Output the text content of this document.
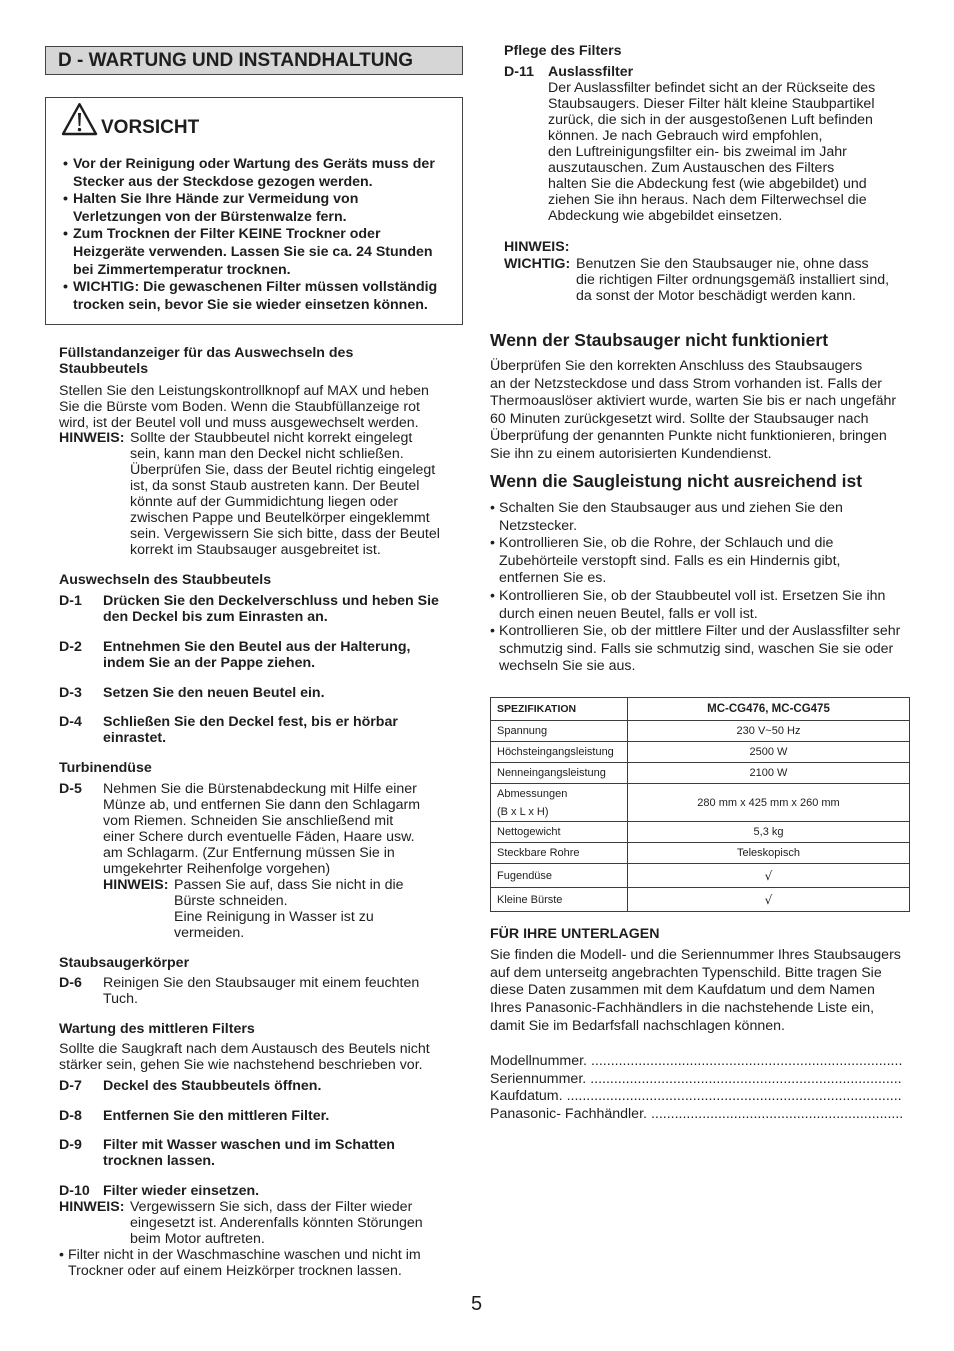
D - WARTUNG UND INSTANDHALTUNG
VORSICHT
• Vor der Reinigung oder Wartung des Geräts muss der
Stecker aus der Steckdose gezogen werden.
• Halten Sie Ihre Hände zur Vermeidung von
Verletzungen von der Bürstenwalze fern.
• Zum Trocknen der Filter KEINE Trockner oder
Heizgeräte verwenden. Lassen Sie sie ca. 24 Stunden
bei Zimmertemperatur trocknen.
• WICHTIG: Die gewaschenen Filter müssen vollständig
trocken sein, bevor Sie sie wieder einsetzen können.
Füllstandanzeiger für das Auswechseln des
Staubbeutels
Stellen Sie den Leistungskontrollknopf auf MAX und heben
Sie die Bürste vom Boden. Wenn die Staubfüllanzeige rot
wird, ist der Beutel voll und muss ausgewechselt werden.
HINWEIS: Sollte der Staubbeutel nicht korrekt eingelegt
sein, kann man den Deckel nicht schließen.
Überprüfen Sie, dass der Beutel richtig eingelegt
ist, da sonst Staub austreten kann. Der Beutel
könnte auf der Gummidichtung liegen oder
zwischen Pappe und Beutelkörper eingeklemmt
sein. Vergewissern Sie sich bitte, dass der Beutel
korrekt im Staubsauger ausgebreitet ist.
Auswechseln des Staubbeutels
D-1	Drücken Sie den Deckelverschluss und heben Sie
den Deckel bis zum Einrasten an.
D-2	Entnehmen Sie den Beutel aus der Halterung,
indem Sie an der Pappe ziehen.
D-3	Setzen Sie den neuen Beutel ein.
D-4	Schließen Sie den Deckel fest, bis er hörbar
einrastet.
Turbinendüse
D-5	Nehmen Sie die Bürstenabdeckung mit Hilfe einer
Münze ab, und entfernen Sie dann den Schlagarm
vom Riemen. Schneiden Sie anschließend mit
einer Schere durch eventuelle Fäden, Haare usw.
am Schlagarm. (Zur Entfernung müssen Sie in
umgekehrter Reihenfolge vorgehen)
HINWEIS: Passen Sie auf, dass Sie nicht in die
Bürste schneiden.
Eine Reinigung in Wasser ist zu
vermeiden.
Staubsaugerkörper
D-6	Reinigen Sie den Staubsauger mit einem feuchten
Tuch.
Wartung des mittleren Filters
Sollte die Saugkraft nach dem Austausch des Beutels nicht
stärker sein, gehen Sie wie nachstehend beschrieben vor.
D-7	Deckel des Staubbeutels öffnen.
D-8	Entfernen Sie den mittleren Filter.
D-9	Filter mit Wasser waschen und im Schatten
trocknen lassen.
D-10 Filter wieder einsetzen.
HINWEIS: Vergewissern Sie sich, dass der Filter wieder
eingesetzt ist. Anderenfalls könnten Störungen
beim Motor auftreten.
• Filter nicht in der Waschmaschine waschen und nicht im
Trockner oder auf einem Heizkörper trocknen lassen.
5
Pflege des Filters
D-11 Auslassfilter
Der Auslassfilter befindet sicht an der Rückseite des
Staubsaugers. Dieser Filter hält kleine Staubpartikel
zurück, die sich in der ausgestoßenen Luft befinden
können. Je nach Gebrauch wird empfohlen,
den Luftreinigungsfilter ein- bis zweimal im Jahr
auszutauschen. Zum Austauschen des Filters
halten Sie die Abdeckung fest (wie abgebildet) und
ziehen Sie ihn heraus. Nach dem Filterwechsel die
Abdeckung wie abgebildet einsetzen.
HINWEIS:
WICHTIG: Benutzen Sie den Staubsauger nie, ohne dass
die richtigen Filter ordnungsgemäß installiert sind,
da sonst der Motor beschädigt werden kann.
Wenn der Staubsauger nicht funktioniert
Überprüfen Sie den korrekten Anschluss des Staubsaugers
an der Netzsteckdose und dass Strom vorhanden ist. Falls der
Thermoauslöser aktiviert wurde, warten Sie bis er nach ungefähr
60 Minuten zurückgesetzt wird. Sollte der Staubsauger nach
Überprüfung der genannten Punkte nicht funktionieren, bringen
Sie ihn zu einem autorisierten Kundendienst.
Wenn die Saugleistung nicht ausreichend ist
• Schalten Sie den Staubsauger aus und ziehen Sie den
Netzstecker.
• Kontrollieren Sie, ob die Rohre, der Schlauch und die
Zubehörteile verstopft sind. Falls es ein Hindernis gibt,
entfernen Sie es.
• Kontrollieren Sie, ob der Staubbeutel voll ist. Ersetzen Sie ihn
durch einen neuen Beutel, falls er voll ist.
• Kontrollieren Sie, ob der mittlere Filter und der Auslassfilter sehr
schmutzig sind. Falls sie schmutzig sind, waschen Sie sie oder
wechseln Sie sie aus.
SPEZIFIKATION	MC-CG476, MC-CG475
Spannung	230 V~50 Hz
Höchsteingangsleistung	2500 W
Nenneingangsleistung	2100 W
Abmessungen
(B x L x H)	280 mm x 425 mm x 260 mm
Nettogewicht	5,3 kg
Steckbare Rohre	Teleskopisch
Fugendüse	√
Kleine Bürste	√
FÜR IHRE UNTERLAGEN
Sie finden die Modell- und die Seriennummer Ihres Staubsaugers
auf dem unterseitg angebrachten Typenschild. Bitte tragen Sie
diese Daten zusammen mit dem Kaufdatum und dem Namen
Ihres Panasonic-Fachhändlers in die nachstehende Liste ein,
damit Sie im Bedarfsfall nachschlagen können.
Modellnummer.
.....
Seriennummer.
.....
Kaufdatum.
.....
Panasonic- Fachhändler.
.....
